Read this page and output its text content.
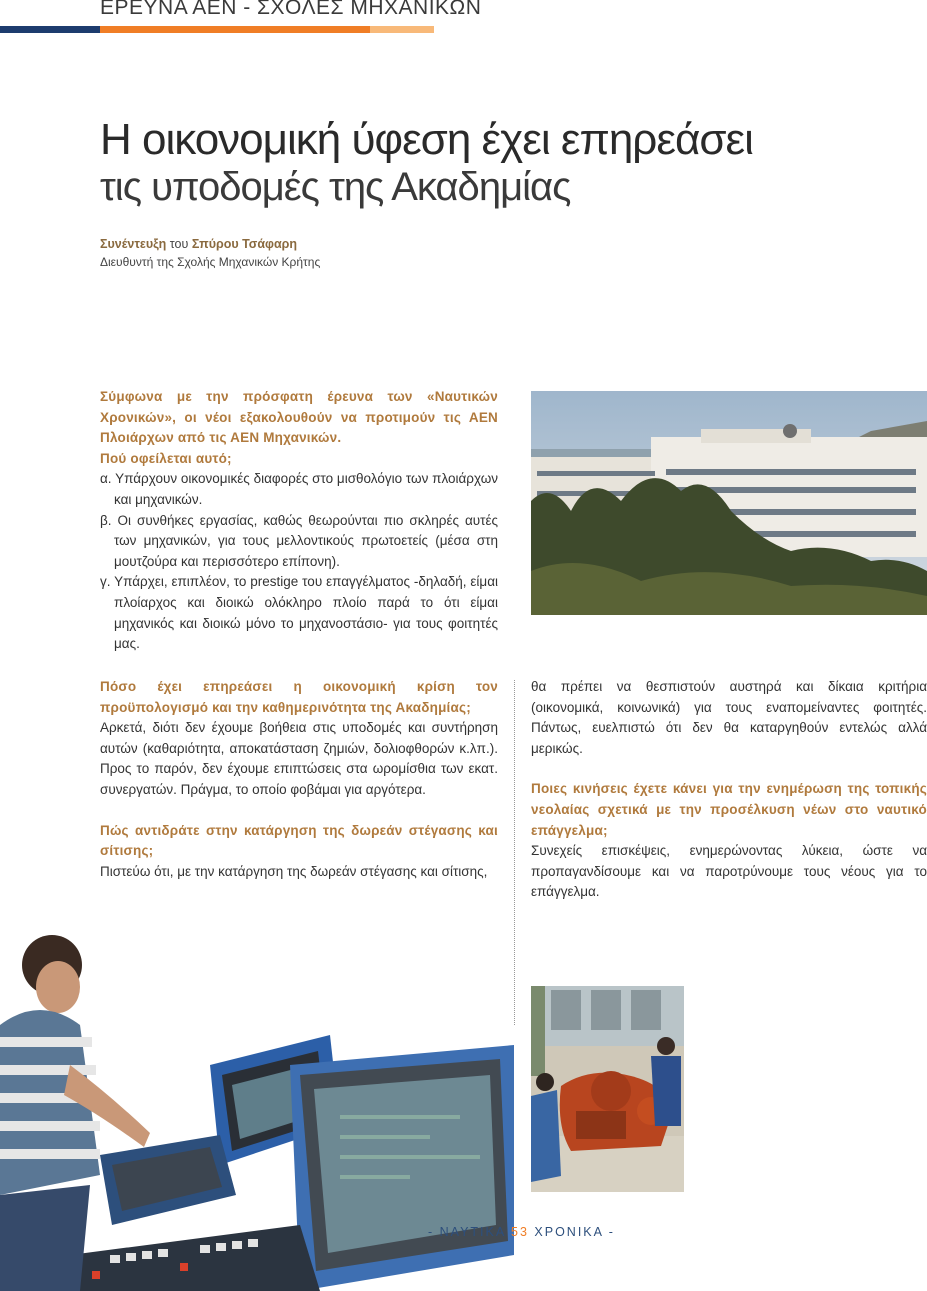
ΕΡΕΥΝΑ ΑΕΝ - ΣΧΟΛΕΣ ΜΗΧΑΝΙΚΩΝ
Η οικονομική ύφεση έχει επηρεάσει
τις υποδομές της Ακαδημίας
Συνέντευξη του Σπύρου Τσάφαρη
Διευθυντή της Σχολής Μηχανικών Κρήτης

Σύμφωνα με την πρόσφατη έρευνα των «Ναυτικών Χρονικών», οι νέοι εξακολουθούν να προτιμούν τις ΑΕΝ Πλοιάρχων από τις ΑΕΝ Μηχανικών.

Πού οφείλεται αυτό;

α. Υπάρχουν οικονομικές διαφορές στο μισθολόγιο των πλοιάρχων και μηχανικών.

β. Οι συνθήκες εργασίας, καθώς θεωρούνται πιο σκληρές αυτές των μηχανικών, για τους μελλοντικούς πρωτοετείς (μέσα στη μουτζούρα και περισσότερο επίπονη).

γ. Υπάρχει, επιπλέον, το prestige του επαγγέλματος -δηλαδή, είμαι πλοίαρχος και διοικώ ολόκληρο πλοίο παρά το ότι είμαι μηχανικός και διοικώ μόνο το μηχανοστάσιο- για τους φοιτητές μας.

Πόσο έχει επηρεάσει η οικονομική κρίση τον προϋπολογισμό και την καθημερινότητα της Ακαδημίας;

Αρκετά, διότι δεν έχουμε βοήθεια στις υποδομές και συντήρηση αυτών (καθαριότητα, αποκατάσταση ζημιών, δολιοφθορών κ.λπ.). Προς το παρόν, δεν έχουμε επιπτώσεις στα ωρομίσθια των εκατ. συνεργατών. Πράγμα, το οποίο φοβάμαι για αργότερα.

Πώς αντιδράτε στην κατάργηση της δωρεάν στέγασης και σίτισης;

Πιστεύω ότι, με την κατάργηση της δωρεάν στέγασης και σίτισης,

θα πρέπει να θεσπιστούν αυστηρά και δίκαια κριτήρια (οικονομικά, κοινωνικά) για τους εναπομείναντες φοιτητές. Πάντως, ευελπιστώ ότι δεν θα καταργηθούν εντελώς αλλά μερικώς.

Ποιες κινήσεις έχετε κάνει για την ενημέρωση της τοπικής νεολαίας σχετικά με την προσέλκυση νέων στο ναυτικό επάγγελμα;

Συνεχείς επισκέψεις, ενημερώνοντας λύκεια, ώστε να προπαγανδίσουμε και να παροτρύνουμε τους νέους για το επάγγελμα.

- ΝΑΥΤΙΚΑ 53 ΧΡΟΝΙΚΑ -
